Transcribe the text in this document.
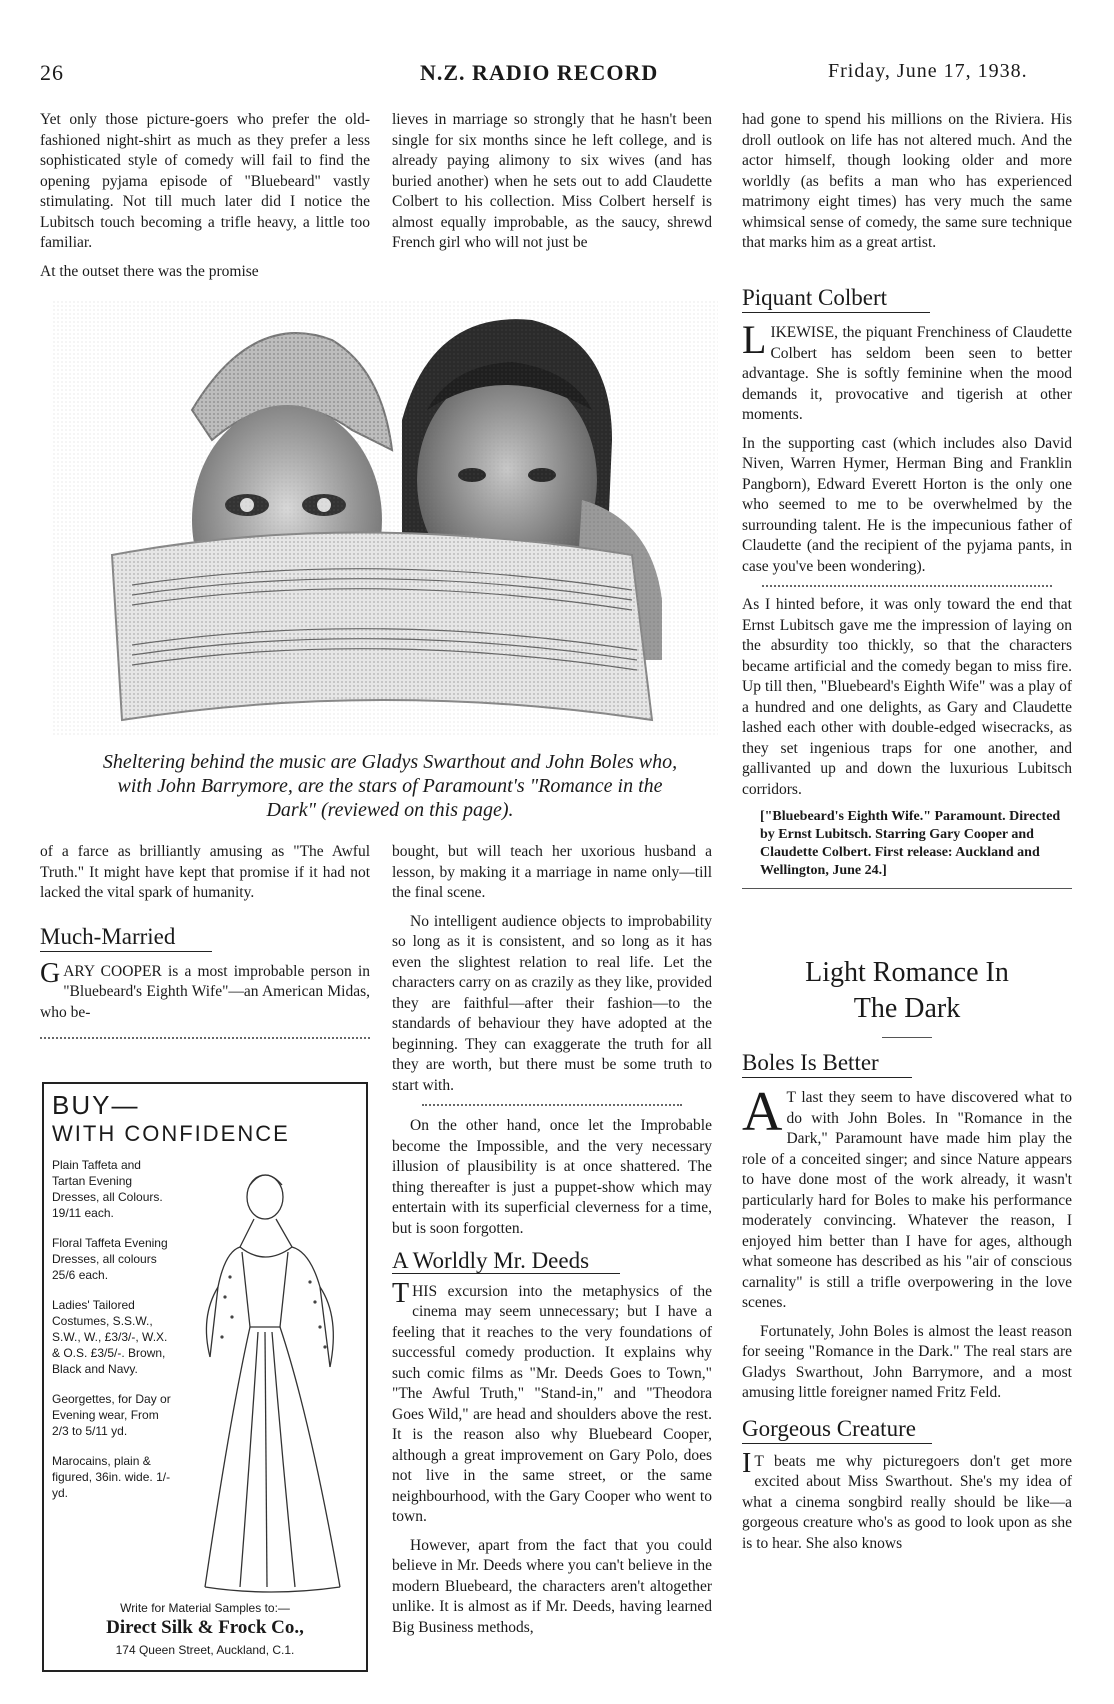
26	N.Z. RADIO RECORD	Friday, June 17, 1938.

Yet only those picture-goers who prefer the old-fashioned night-shirt as much as they prefer a less sophisticated style of comedy will fail to find the opening pyjama episode of "Bluebeard" vastly stimulating. Not till much later did I notice the Lubitsch touch becoming a trifle heavy, a little too familiar.

At the outset there was the promise

lieves in marriage so strongly that he hasn't been single for six months since he left college, and is already paying alimony to six wives (and has buried another) when he sets out to add Claudette Colbert to his collection. Miss Colbert herself is almost equally improbable, as the saucy, shrewd French girl who will not just be

had gone to spend his millions on the Riviera. His droll outlook on life has not altered much. And the actor himself, though looking older and more worldly (as befits a man who has experienced matrimony eight times) has very much the same whimsical sense of comedy, the same sure technique that marks him as a great artist.

Piquant Colbert

LIKEWISE, the piquant Frenchiness of Claudette Colbert has seldom been seen to better advantage. She is softly feminine when the mood demands it, provocative and tigerish at other moments.

In the supporting cast (which includes also David Niven, Warren Hymer, Herman Bing and Franklin Pangborn), Edward Everett Horton is the only one who seemed to me to be overwhelmed by the surrounding talent. He is the impecunious father of Claudette (and the recipient of the pyjama pants, in case you've been wondering).

As I hinted before, it was only toward the end that Ernst Lubitsch gave me the impression of laying on the absurdity too thickly, so that the characters became artificial and the comedy began to miss fire. Up till then, "Bluebeard's Eighth Wife" was a play of a hundred and one delights, as Gary and Claudette lashed each other with double-edged wisecracks, as they set ingenious traps for one another, and gallivanted up and down the luxurious Lubitsch corridors.

["Bluebeard's Eighth Wife." Paramount. Directed by Ernst Lubitsch. Starring Gary Cooper and Claudette Colbert. First release: Auckland and Wellington, June 24.]
Sheltering behind the music are Gladys Swarthout and John Boles who, with John Barrymore, are the stars of Paramount's "Romance in the Dark" (reviewed on this page).

of a farce as brilliantly amusing as "The Awful Truth." It might have kept that promise if it had not lacked the vital spark of humanity.

Much-Married

GARY COOPER is a most improbable person in "Bluebeard's Eighth Wife"—an American Midas, who be-

BUY—
WITH CONFIDENCE
Plain Taffeta and Tartan Evening Dresses, all Colours. 19/11 each.
Floral Taffeta Evening Dresses, all colours 25/6 each.
Ladies' Tailored Costumes, S.S.W., S.W., W., £3/3/-, W.X. & O.S. £3/5/-. Brown, Black and Navy.
Georgettes, for Day or Evening wear, From 2/3 to 5/11 yd.
Marocains, plain & figured, 36in. wide. 1/- yd.
Write for Material Samples to:—
Direct Silk & Frock Co.,
174 Queen Street, Auckland, C.1.

bought, but will teach her uxorious husband a lesson, by making it a marriage in name only—till the final scene.

No intelligent audience objects to improbability so long as it is consistent, and so long as it has even the slightest relation to real life. Let the characters carry on as crazily as they like, provided they are faithful—after their fashion—to the standards of behaviour they have adopted at the beginning. They can exaggerate the truth for all they are worth, but there must be some truth to start with.

On the other hand, once let the Improbable become the Impossible, and the very necessary illusion of plausibility is at once shattered. The thing thereafter is just a puppet-show which may entertain with its superficial cleverness for a time, but is soon forgotten.

A Worldly Mr. Deeds

THIS excursion into the metaphysics of the cinema may seem unnecessary; but I have a feeling that it reaches to the very foundations of successful comedy production. It explains why such comic films as "Mr. Deeds Goes to Town," "The Awful Truth," "Stand-in," and "Theodora Goes Wild," are head and shoulders above the rest. It is the reason also why Bluebeard Cooper, although a great improvement on Gary Polo, does not live in the same street, or the same neighbourhood, with the Gary Cooper who went to town.

However, apart from the fact that you could believe in Mr. Deeds where you can't believe in the modern Bluebeard, the characters aren't altogether unlike. It is almost as if Mr. Deeds, having learned Big Business methods,

Light Romance In
The Dark
Boles Is Better

A T last they seem to have discovered what to do with John Boles. In "Romance in the Dark," Paramount have made him play the role of a conceited singer; and since Nature appears to have done most of the work already, it wasn't particularly hard for Boles to make his performance moderately convincing. Whatever the reason, I enjoyed him better than I have for ages, although what someone has described as his "air of conscious carnality" is still a trifle overpowering in the love scenes.

Fortunately, John Boles is almost the least reason for seeing "Romance in the Dark." The real stars are Gladys Swarthout, John Barrymore, and a most amusing little foreigner named Fritz Feld.

Gorgeous Creature

I T beats me why picturegoers don't get more excited about Miss Swarthout. She's my idea of what a cinema songbird really should be like—a gorgeous creature who's as good to look upon as she is to hear. She also knows
